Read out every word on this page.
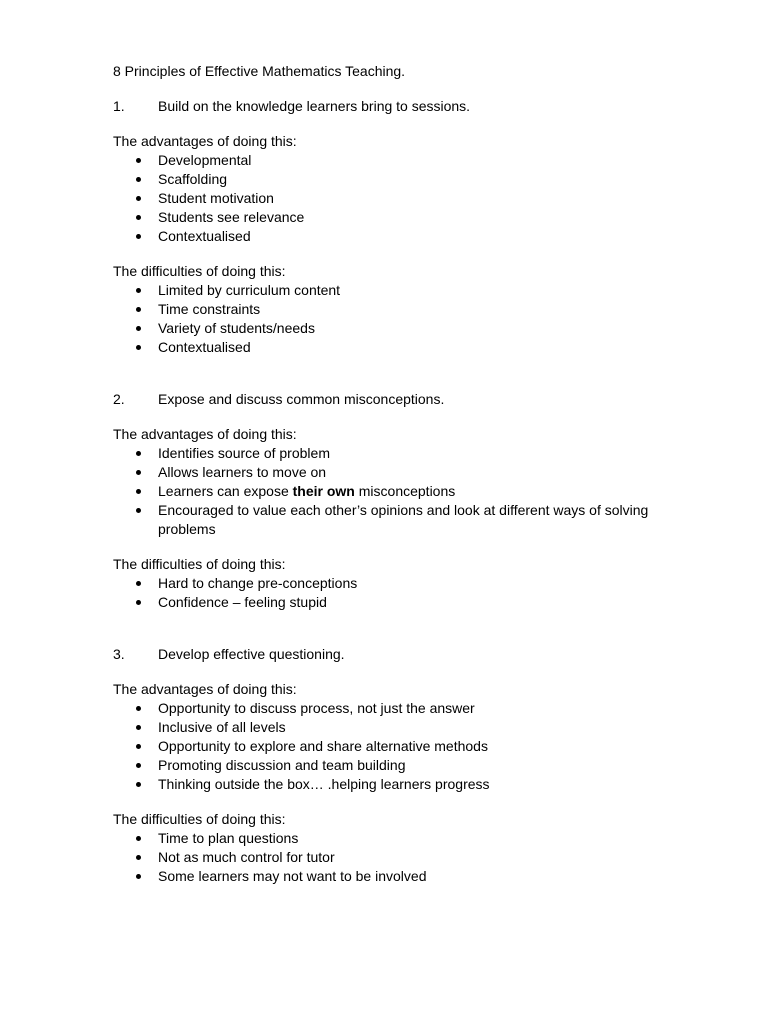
8 Principles of Effective Mathematics Teaching.
1.	Build on the knowledge learners bring to sessions.
The advantages of doing this:
Developmental
Scaffolding
Student motivation
Students see relevance
Contextualised
The difficulties of doing this:
Limited by curriculum content
Time constraints
Variety of students/needs
Contextualised
2.	Expose and discuss common misconceptions.
The advantages of doing this:
Identifies source of problem
Allows learners to move on
Learners can expose their own misconceptions
Encouraged to value each other’s opinions and look at different ways of solving problems
The difficulties of doing this:
Hard to change pre-conceptions
Confidence – feeling stupid
3.	Develop effective questioning.
The advantages of doing this:
Opportunity to discuss process, not just the answer
Inclusive of all levels
Opportunity to explore and share alternative methods
Promoting discussion and team building
Thinking outside the box… .helping learners progress
The difficulties of doing this:
Time to plan questions
Not as much control for tutor
Some learners may not want to be involved
